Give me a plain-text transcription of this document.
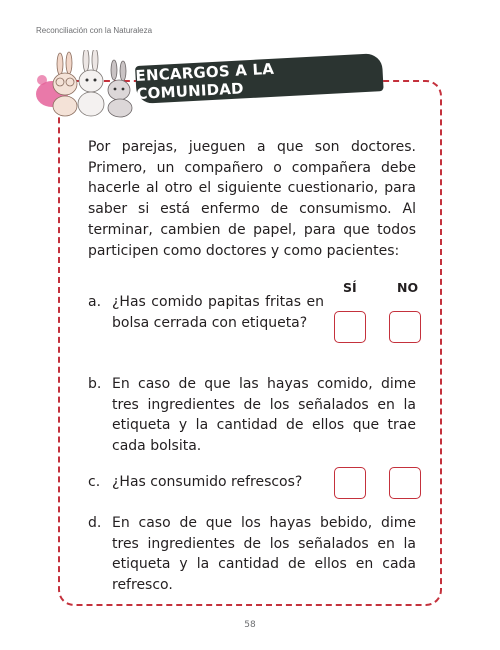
Reconciliación con la Naturaleza
ENCARGOS A LA COMUNIDAD
Por parejas, jueguen a que son doctores. Primero, un compañero o compañera debe hacerle al otro el siguiente cuestionario, para saber si está enfermo de consumismo. Al terminar, cambien de papel, para que todos participen como doctores y como pacientes:
SÍ	NO
a. ¿Has comido papitas fritas en bolsa cerrada con etiqueta?
b. En caso de que las hayas comido, dime tres ingredientes de los señalados en la etiqueta y la cantidad de ellos que trae cada bolsita.
c. ¿Has consumido refrescos?
d. En caso de que los hayas bebido, dime tres ingredientes de los señalados en la etiqueta y la cantidad de ellos en cada refresco.
58
